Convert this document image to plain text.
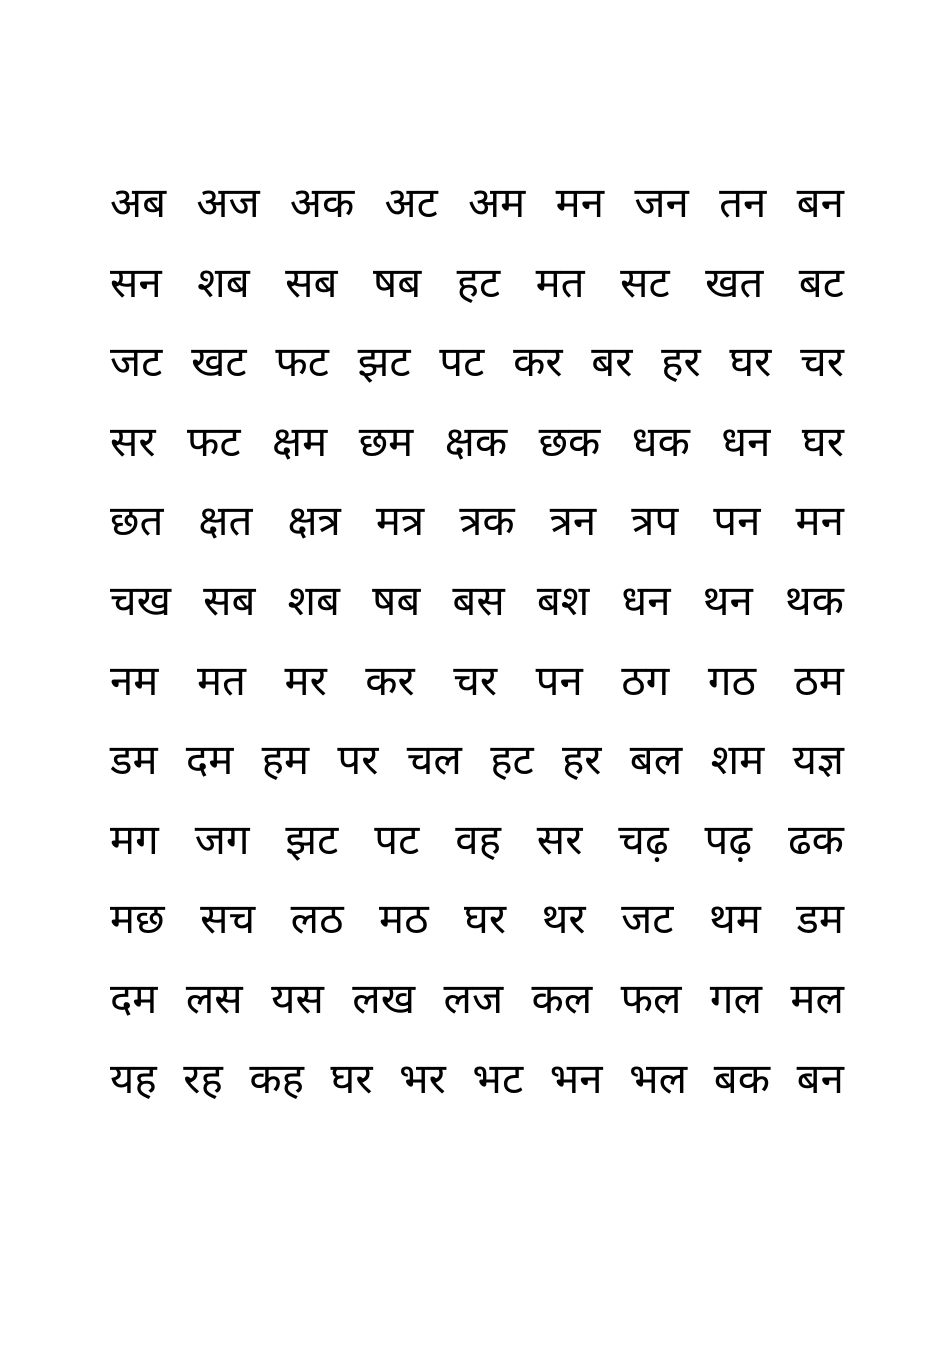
अब अज अक अट अम मन जन तन बन
सन शब सब षब हट मत सट खत बट
जट खट फट झट पट कर बर हर घर चर
सर फट क्षम छम क्षक छक धक धन घर
छत क्षत क्षत्र मत्र त्रक त्रन त्रप पन मन
चख सब शब षब बस बश धन थन थक
नम मत मर कर चर पन ठग गठ ठम
डम दम हम पर चल हट हर बल शम यज्ञ
मग जग झट पट वह सर चढ़ पढ़ ढक
मछ सच लठ मठ घर थर जट थम डम
दम लस यस लख लज कल फल गल मल
यह रह कह घर भर भट भन भल बक बन
